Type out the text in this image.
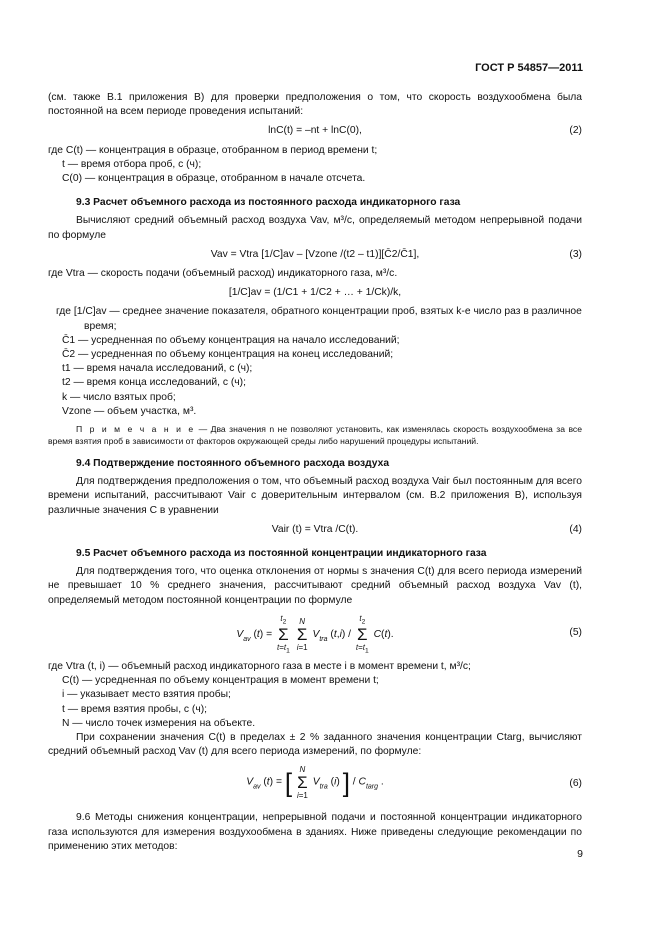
ГОСТ Р 54857—2011

(см. также В.1 приложения В) для проверки предположения о том, что скорость воздухообмена была постоянной на всем периоде проведения испытаний:

lnC(t) = –nt + lnC(0),	(2)

где C(t) — концентрация в образце, отобранном в период времени t;

t — время отбора проб, с (ч);

C(0) — концентрация в образце, отобранном в начале отсчета.

9.3 Расчет объемного расхода из постоянного расхода индикаторного газа

Вычисляют средний объемный расход воздуха Vav, м³/с, определяемый методом непрерывной подачи по формуле

Vav = Vtra [1/C]av – [Vzone /(t2 – t1)][C̄2/C̄1],	(3)

где Vtra — скорость подачи (объемный расход) индикаторного газа, м³/с.

[1/C]av = (1/C1 + 1/C2 + … + 1/Ck)/k,

где [1/C]av — среднее значение показателя, обратного концентрации проб, взятых k-е число раз в различное время;

C̄1 — усредненная по объему концентрация на начало исследований;

C̄2 — усредненная по объему концентрация на конец исследований;

t1 — время начала исследований, с (ч);

t2 — время конца исследований, с (ч);

k — число взятых проб;

Vzone — объем участка, м³.

П р и м е ч а н и е — Два значения n не позволяют установить, как изменялась скорость воздухообмена за все время взятия проб в зависимости от факторов окружающей среды либо нарушений процедуры испытаний.

9.4 Подтверждение постоянного объемного расхода воздуха

Для подтверждения предположения о том, что объемный расход воздуха Vair был постоянным для всего времени испытаний, рассчитывают Vair с доверительным интервалом (см. В.2 приложения В), используя различные значения C в уравнении

Vair (t) = Vtra /C(t).	(4)

9.5 Расчет объемного расхода из постоянной концентрации индикаторного газа

Для подтверждения того, что оценка отклонения от нормы s значения C(t) для всего периода измерений не превышает 10 % среднего значения, рассчитывают средний объемный расход воздуха Vav (t), определяемый методом постоянной концентрации по формуле

$V_{av}$ (t) =
$t_2$
Σ
$t=t_1$

N
Σ
i=1
$V_{tra}$ (t,i) /
$t_2$
Σ
$t=t_1$
C(t).	(5)

где Vtra (t, i) — объемный расход индикаторного газа в месте i в момент времени t, м³/с;

C(t) — усредненная по объему концентрация в момент времени t;

i — указывает место взятия пробы;

t — время взятия пробы, с (ч);

N — число точек измерения на объекте.

При сохранении значения C(t) в пределах ± 2 % заданного значения концентрации Ctarg, вычисляют средний объемный расход Vav (t) для всего периода измерений, по формуле:

$V_{av}$ (t) = [ N
Σ
i=1
$V_{tra}$ (i) ] / $C_{targ}$ .	(6)

9.6 Методы снижения концентрации, непрерывной подачи и постоянной концентрации индикаторного газа используются для измерения воздухообмена в зданиях. Ниже приведены следующие рекомендации по применению этих методов:

9
